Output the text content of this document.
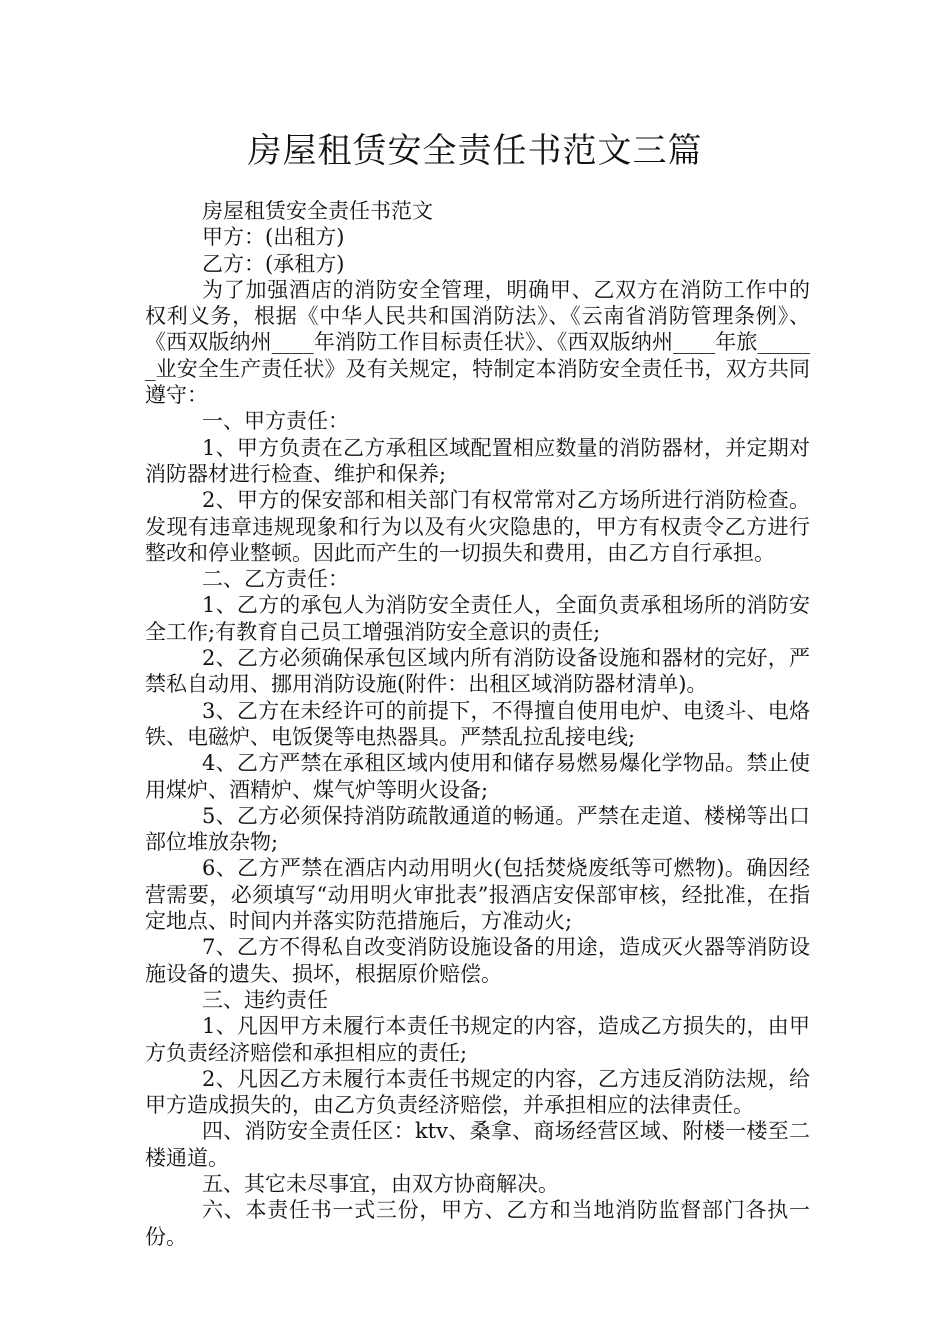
房屋租赁安全责任书范文三篇

房屋租赁安全责任书范文

甲方：(出租方)

乙方：(承租方)

为了加强酒店的消防安全管理，明确甲、乙双方在消防工作中的权利义务，根据《中华人民共和国消防法》、《云南省消防管理条例》、《西双版纳州____年消防工作目标责任状》、《西双版纳州____年旅______业安全生产责任状》及有关规定，特制定本消防安全责任书，双方共同遵守：

一、甲方责任：

1、甲方负责在乙方承租区域配置相应数量的消防器材，并定期对消防器材进行检查、维护和保养;

2、甲方的保安部和相关部门有权常常对乙方场所进行消防检查。发现有违章违规现象和行为以及有火灾隐患的，甲方有权责令乙方进行整改和停业整顿。因此而产生的一切损失和费用，由乙方自行承担。

二、乙方责任：

1、乙方的承包人为消防安全责任人，全面负责承租场所的消防安全工作;有教育自己员工增强消防安全意识的责任;

2、乙方必须确保承包区域内所有消防设备设施和器材的完好，严禁私自动用、挪用消防设施(附件：出租区域消防器材清单)。

3、乙方在未经许可的前提下，不得擅自使用电炉、电烫斗、电烙铁、电磁炉、电饭煲等电热器具。严禁乱拉乱接电线;

4、乙方严禁在承租区域内使用和储存易燃易爆化学物品。禁止使用煤炉、酒精炉、煤气炉等明火设备;

5、乙方必须保持消防疏散通道的畅通。严禁在走道、楼梯等出口部位堆放杂物;

6、乙方严禁在酒店内动用明火(包括焚烧废纸等可燃物)。确因经营需要，必须填写“动用明火审批表”报酒店安保部审核，经批准，在指定地点、时间内并落实防范措施后，方准动火;

7、乙方不得私自改变消防设施设备的用途，造成灭火器等消防设施设备的遗失、损坏，根据原价赔偿。

三、违约责任

1、凡因甲方未履行本责任书规定的内容，造成乙方损失的，由甲方负责经济赔偿和承担相应的责任;

2、凡因乙方未履行本责任书规定的内容，乙方违反消防法规，给甲方造成损失的，由乙方负责经济赔偿，并承担相应的法律责任。

四、消防安全责任区：ktv、桑拿、商场经营区域、附楼一楼至二楼通道。

五、其它未尽事宜，由双方协商解决。

六、本责任书一式三份，甲方、乙方和当地消防监督部门各执一份。
